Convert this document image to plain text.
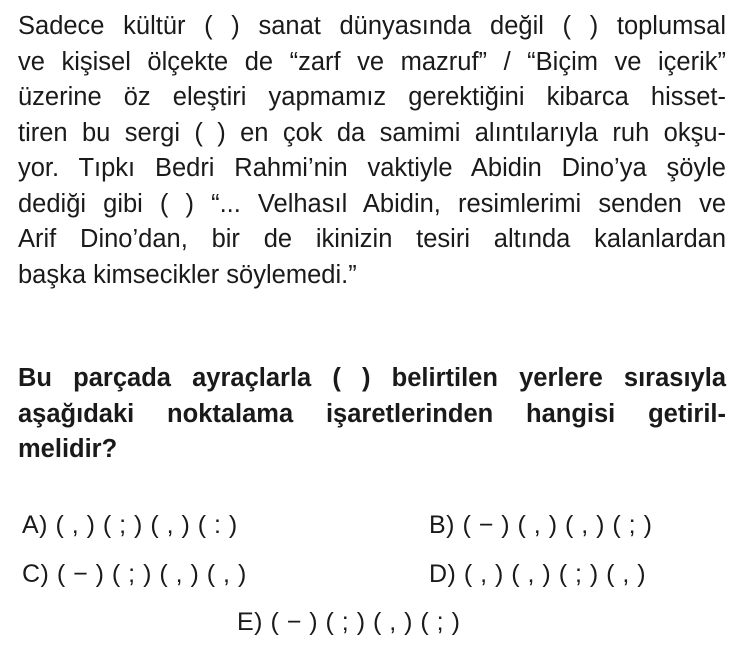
Sadece kültür ( ) sanat dünyasında değil ( ) toplumsal
ve kişisel ölçekte de “zarf ve mazruf” / “Biçim ve içerik”
üzerine öz eleştiri yapmamız gerektiğini kibarca hisset-
tiren bu sergi ( ) en çok da samimi alıntılarıyla ruh okşu-
yor. Tıpkı Bedri Rahmi’nin vaktiyle Abidin Dino’ya şöyle
dediği gibi ( ) “... Velhasıl Abidin, resimlerimi senden ve
Arif Dino’dan, bir de ikinizin tesiri altında kalanlardan
başka kimsecikler söylemedi.”
Bu parçada ayraçlarla ( ) belirtilen yerlere sırasıyla
aşağıdaki noktalama işaretlerinden hangisi getiril-
melidir?
A) ( , ) ( ; ) ( , ) ( : )	B) ( − ) ( , ) ( , ) ( ; )
C) ( − ) ( ; ) ( , ) ( , )	D) ( , ) ( , ) ( ; ) ( , )
E) ( − ) ( ; ) ( , ) ( ; )
